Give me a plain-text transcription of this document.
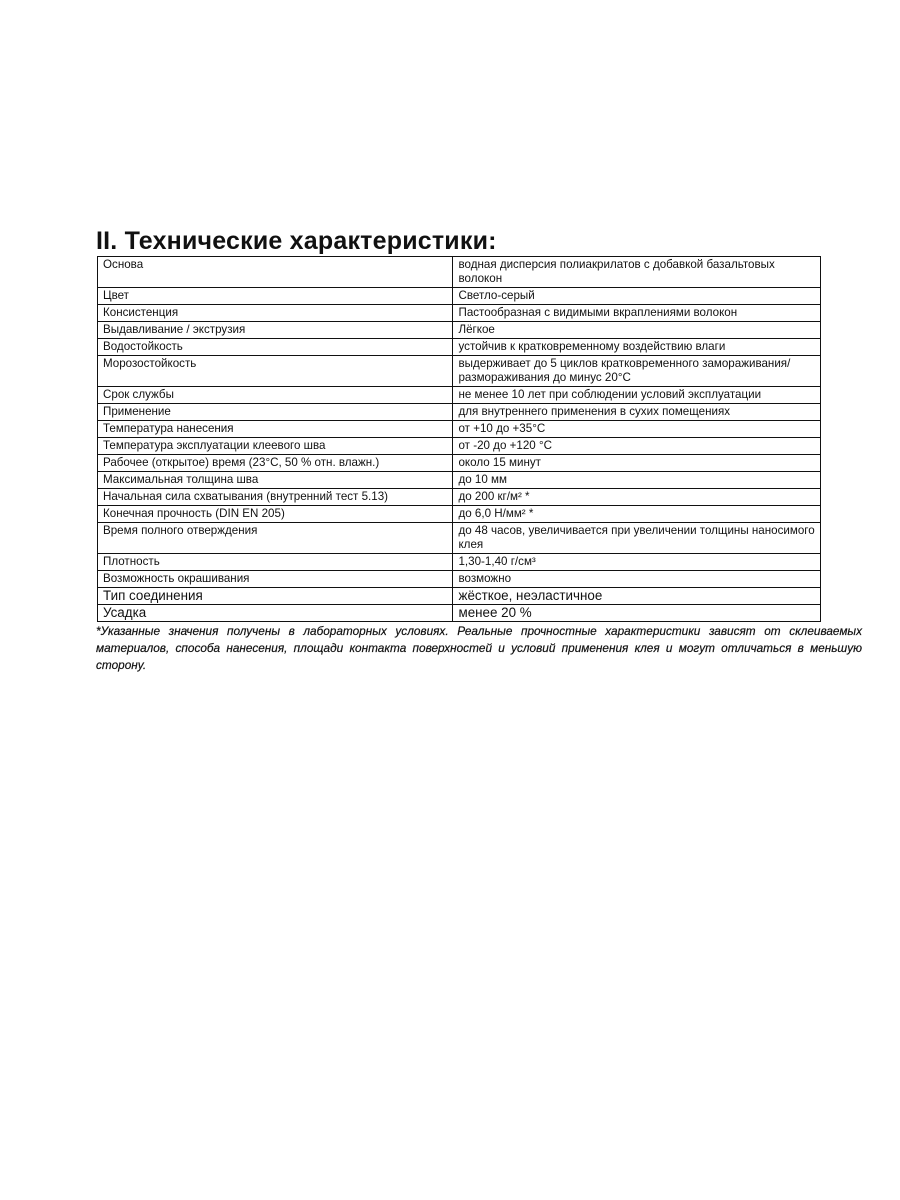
II. Технические характеристики:
Основа	водная дисперсия полиакрилатов с добавкой базальтовых волокон
Цвет	Светло-серый
Консистенция	Пастообразная с видимыми вкраплениями волокон
Выдавливание / экструзия	Лёгкое
Водостойкость	устойчив к кратковременному воздействию влаги
Морозостойкость	выдерживает до 5 циклов кратковременного замораживания/размораживания до минус 20°С
Срок службы	не менее 10 лет при соблюдении условий эксплуатации
Применение	для внутреннего применения в сухих помещениях
Температура нанесения	от +10 до +35°С
Температура эксплуатации клеевого шва	от -20 до +120 °С
Рабочее (открытое) время (23°С, 50 % отн. влажн.)	около 15 минут
Максимальная толщина шва	до 10 мм
Начальная сила схватывания (внутренний тест 5.13)	до 200 кг/м² *
Конечная прочность (DIN EN 205)	до 6,0 Н/мм² *
Время полного отверждения	до 48 часов, увеличивается при увеличении толщины наносимого клея
Плотность	1,30-1,40 г/см³
Возможность окрашивания	возможно
Тип соединения	жёсткое, неэластичное
Усадка	менее 20 %
*Указанные значения получены в лабораторных условиях. Реальные прочностные характеристики зависят от склеиваемых материалов, способа нанесения, площади контакта поверхностей и условий применения клея и могут отличаться в меньшую сторону.
